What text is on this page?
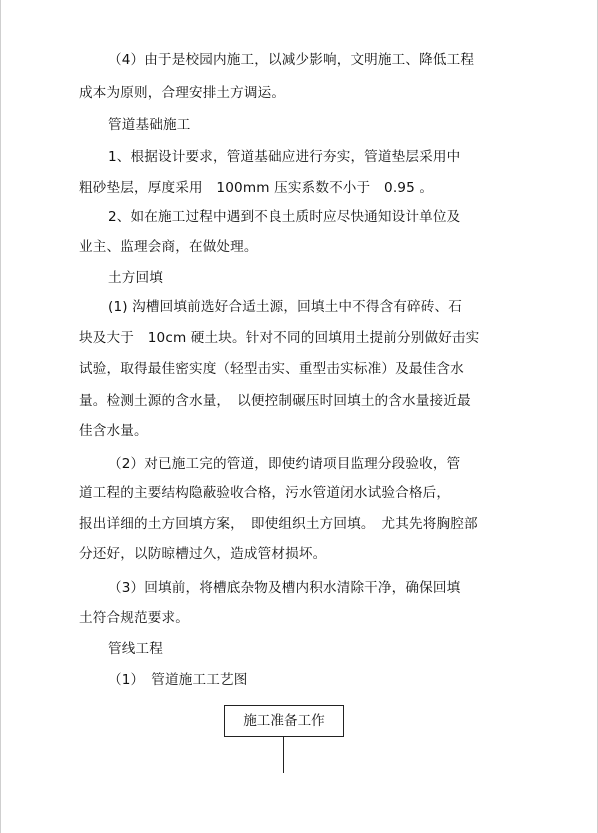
（4）由于是校园内施工，以减少影响，文明施工、降低工程
成本为原则，合理安排土方调运。
管道基础施工
1、根据设计要求，管道基础应进行夯实，管道垫层采用中
粗砂垫层，厚度采用　100mm 压实系数不小于　0.95 。
2、如在施工过程中遇到不良土质时应尽快通知设计单位及
业主、监理会商，在做处理。
土方回填
(1) 沟槽回填前选好合适土源，回填土中不得含有碎砖、石
块及大于　10cm 硬土块。针对不同的回填用土提前分别做好击实
试验，取得最佳密实度（轻型击实、重型击实标准）及最佳含水
量。检测土源的含水量，　以便控制碾压时回填土的含水量接近最
佳含水量。
（2）对已施工完的管道，即使约请项目监理分段验收，管
道工程的主要结构隐蔽验收合格，污水管道闭水试验合格后，
报出详细的土方回填方案，　即使组织土方回填。　尤其先将胸腔部
分还好，以防晾槽过久，造成管材损坏。
（3）回填前，将槽底杂物及槽内积水清除干净，确保回填
土符合规范要求。
管线工程
（1）　管道施工工艺图
施工准备工作
